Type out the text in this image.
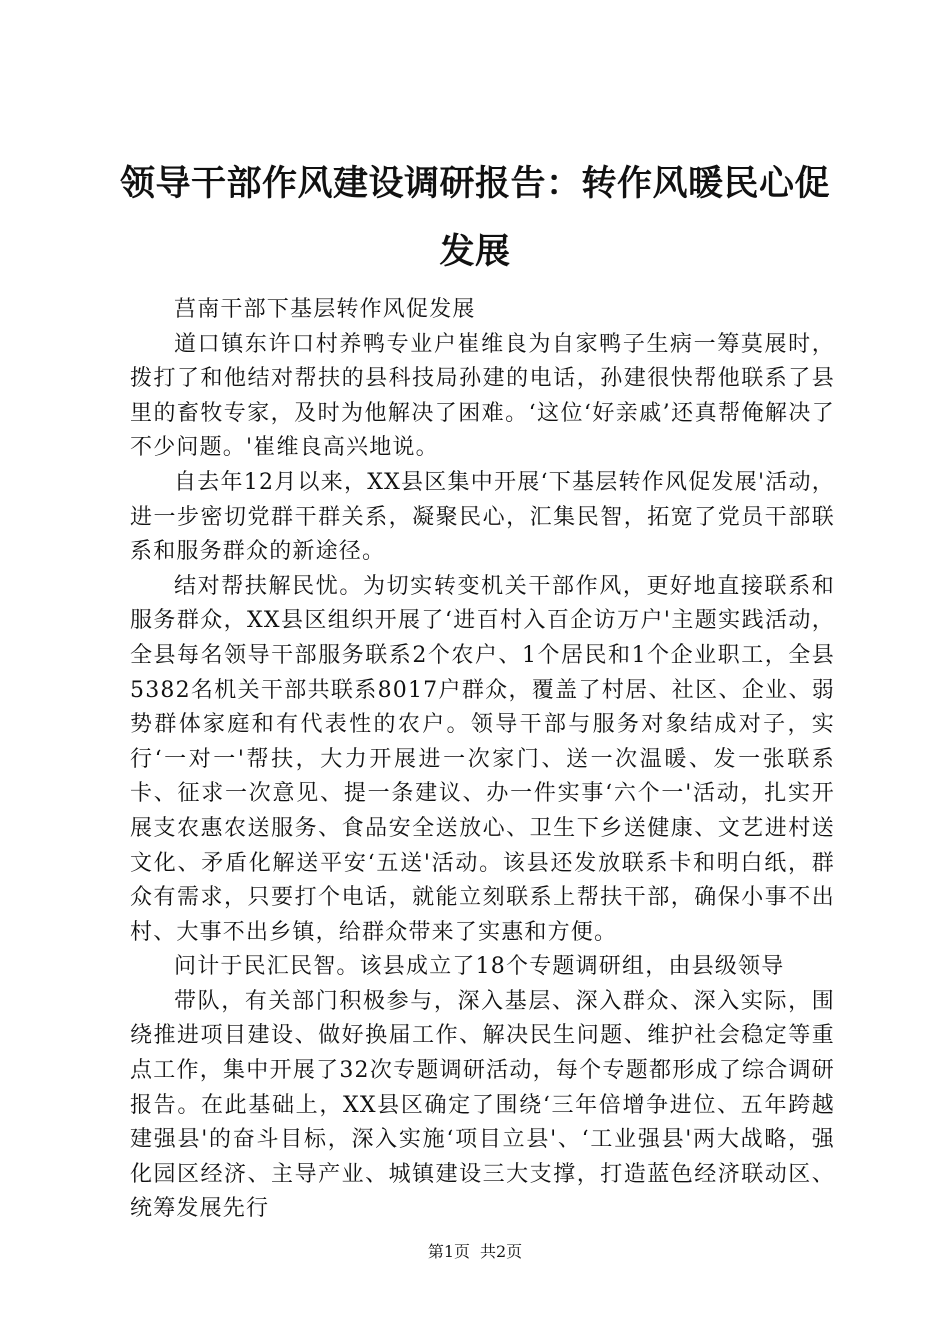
领导干部作风建设调研报告：转作风暖民心促发展

莒南干部下基层转作风促发展

道口镇东许口村养鸭专业户崔维良为自家鸭子生病一筹莫展时，拨打了和他结对帮扶的县科技局孙建的电话，孙建很快帮他联系了县里的畜牧专家，及时为他解决了困难。‘这位‘好亲戚’还真帮俺解决了不少问题。'崔维良高兴地说。

自去年12月以来，XX县区集中开展‘下基层转作风促发展'活动，进一步密切党群干群关系，凝聚民心，汇集民智，拓宽了党员干部联系和服务群众的新途径。

结对帮扶解民忧。为切实转变机关干部作风，更好地直接联系和服务群众，XX县区组织开展了‘进百村入百企访万户'主题实践活动，全县每名领导干部服务联系2个农户、1个居民和1个企业职工，全县5382名机关干部共联系8017户群众，覆盖了村居、社区、企业、弱势群体家庭和有代表性的农户。领导干部与服务对象结成对子，实行‘一对一'帮扶，大力开展进一次家门、送一次温暖、发一张联系卡、征求一次意见、提一条建议、办一件实事‘六个一'活动，扎实开展支农惠农送服务、食品安全送放心、卫生下乡送健康、文艺进村送文化、矛盾化解送平安‘五送'活动。该县还发放联系卡和明白纸，群众有需求，只要打个电话，就能立刻联系上帮扶干部，确保小事不出村、大事不出乡镇，给群众带来了实惠和方便。

问计于民汇民智。该县成立了18个专题调研组，由县级领导

带队，有关部门积极参与，深入基层、深入群众、深入实际，围绕推进项目建设、做好换届工作、解决民生问题、维护社会稳定等重点工作，集中开展了32次专题调研活动，每个专题都形成了综合调研报告。在此基础上，XX县区确定了围绕‘三年倍增争进位、五年跨越建强县'的奋斗目标，深入实施‘项目立县'、‘工业强县'两大战略，强化园区经济、主导产业、城镇建设三大支撑，打造蓝色经济联动区、统筹发展先行

第1页 共2页
